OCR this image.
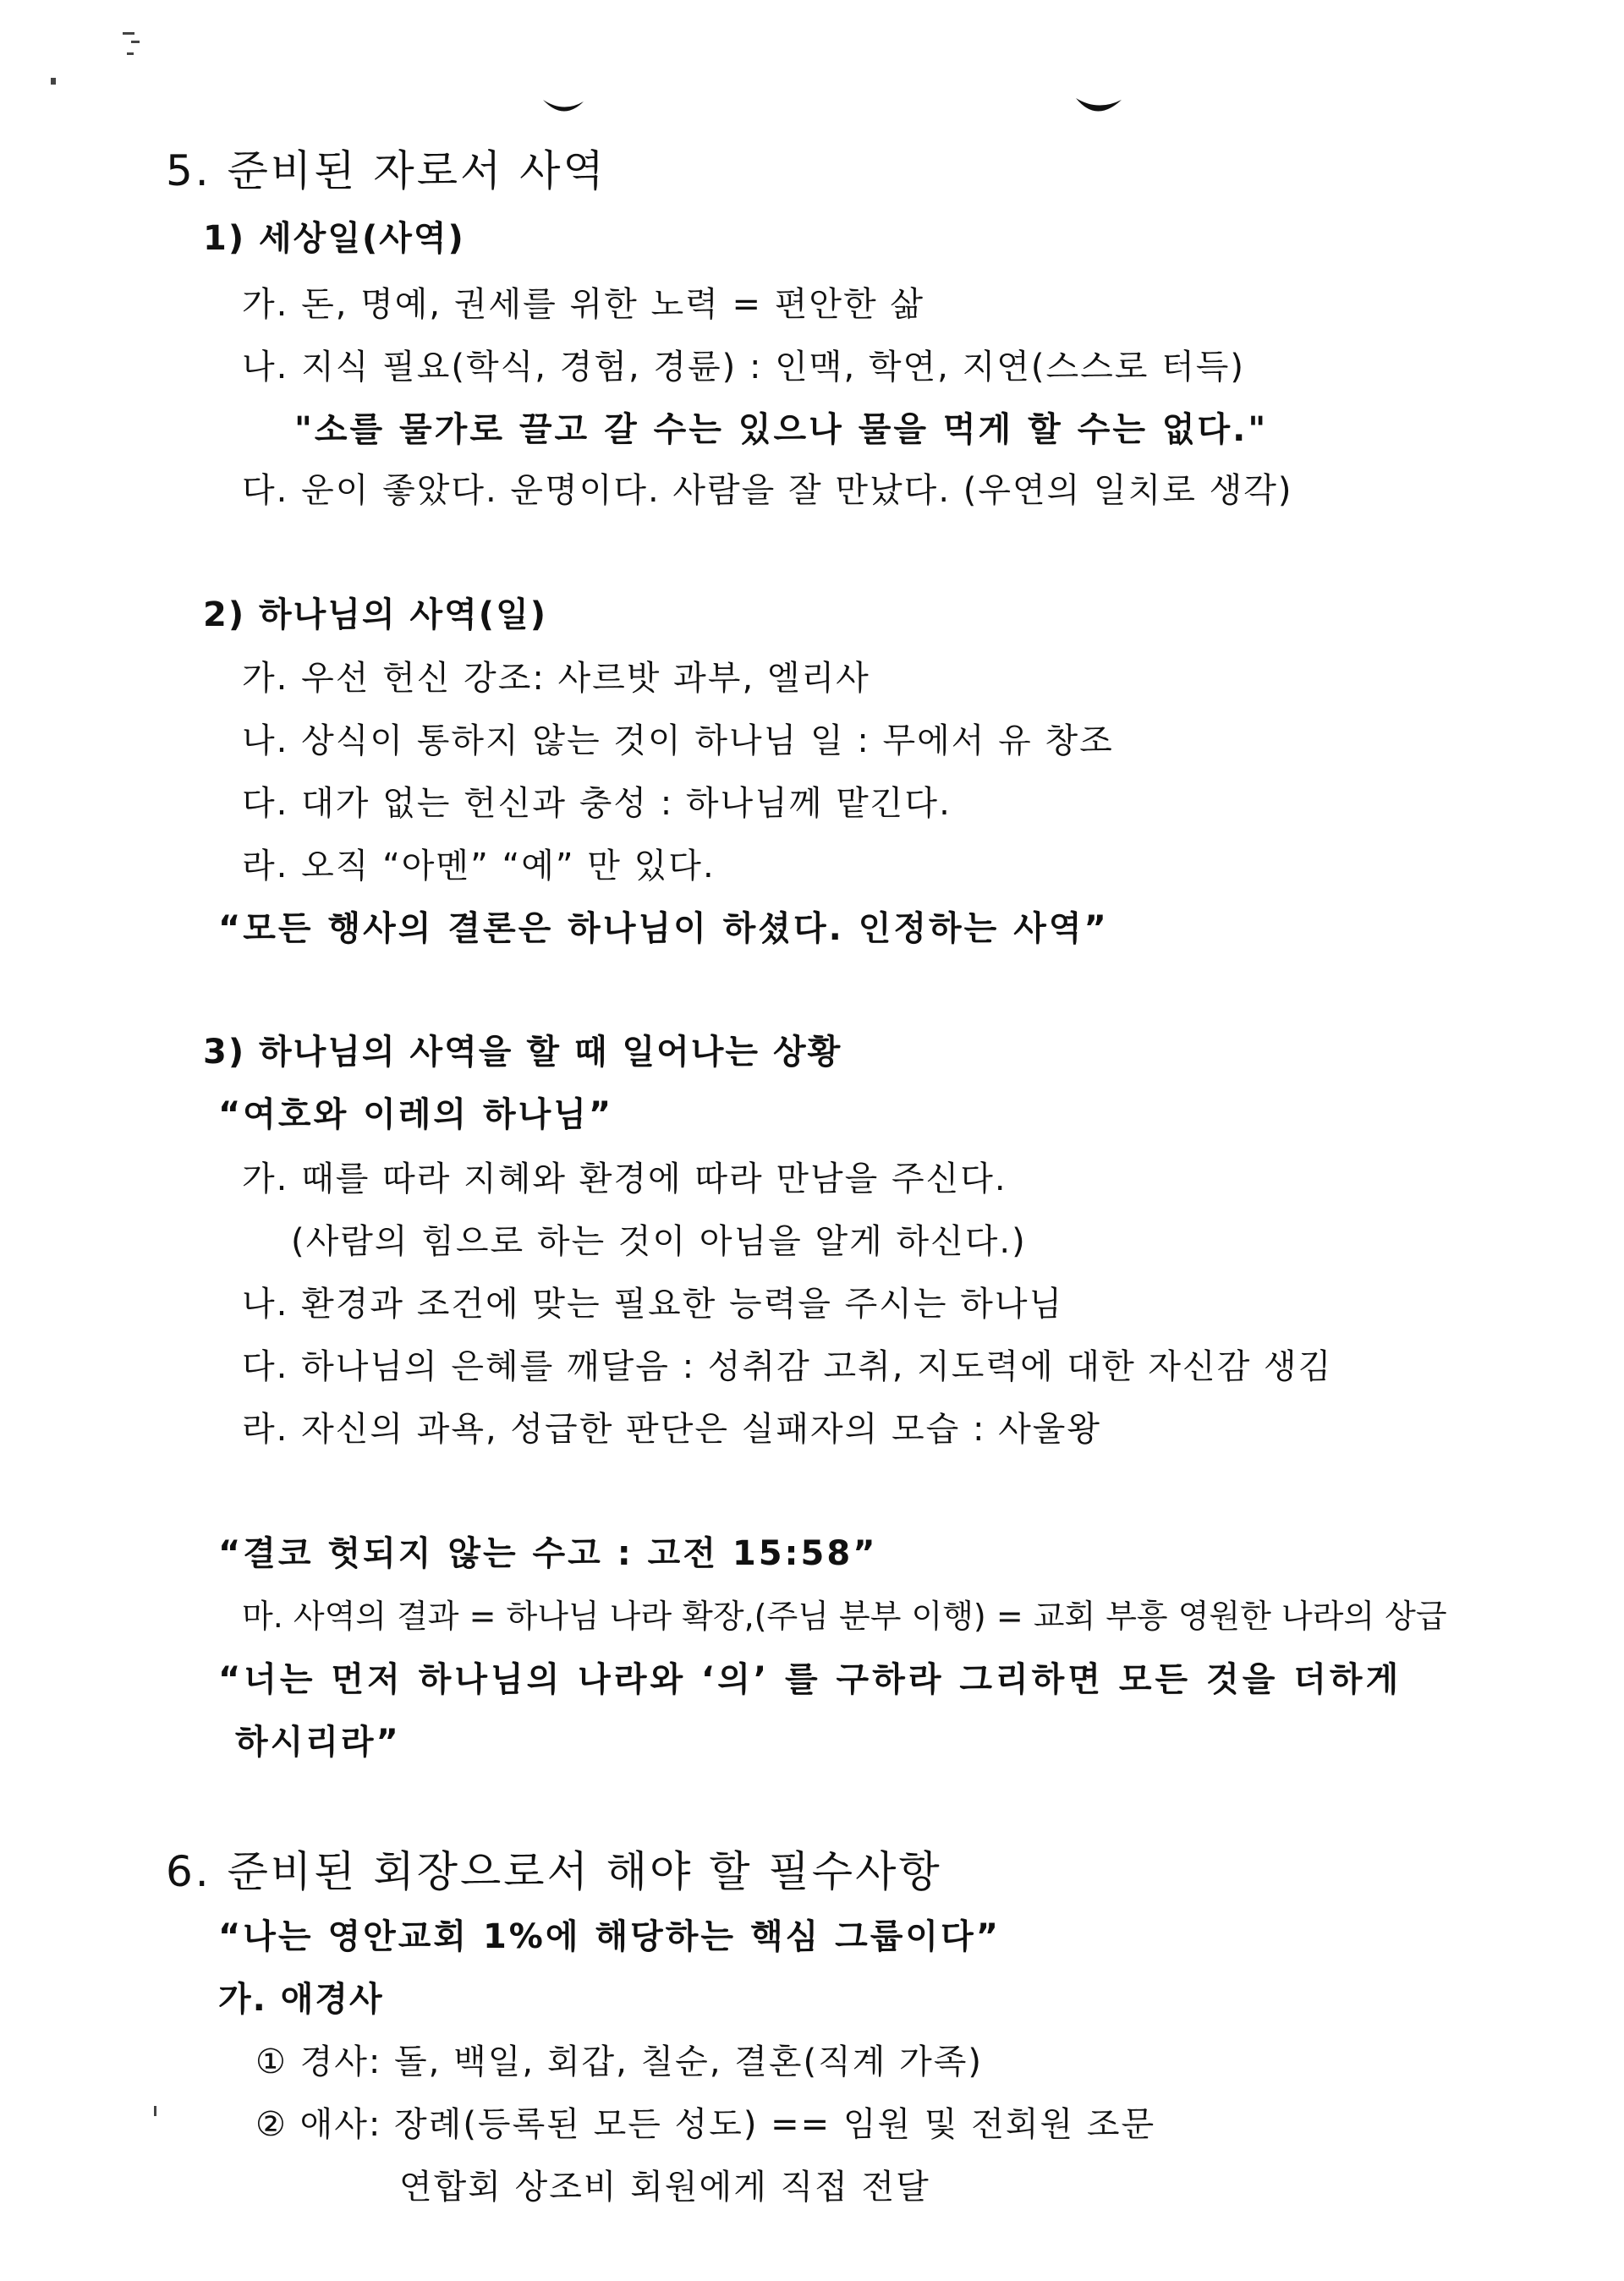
5. 준비된 자로서 사역
1) 세상일(사역)
가. 돈, 명예, 권세를 위한 노력 = 편안한 삶
나. 지식 필요(학식, 경험, 경륜) : 인맥, 학연, 지연(스스로 터득)
"소를 물가로 끌고 갈 수는 있으나 물을 먹게 할 수는 없다."
다. 운이 좋았다. 운명이다. 사람을 잘 만났다. (우연의 일치로 생각)
2) 하나님의 사역(일)
가. 우선 헌신 강조: 사르밧 과부, 엘리사
나. 상식이 통하지 않는 것이 하나님 일 : 무에서 유 창조
다. 대가 없는 헌신과 충성 : 하나님께 맡긴다.
라. 오직 “아멘” “예” 만 있다.
“모든 행사의 결론은 하나님이 하셨다. 인정하는 사역”
3) 하나님의 사역을 할 때 일어나는 상황
“여호와 이레의 하나님”
가. 때를 따라 지혜와 환경에 따라 만남을 주신다.
(사람의 힘으로 하는 것이 아님을 알게 하신다.)
나. 환경과 조건에 맞는 필요한 능력을 주시는 하나님
다. 하나님의 은혜를 깨달음 : 성취감 고취, 지도력에 대한 자신감 생김
라. 자신의 과욕, 성급한 판단은 실패자의 모습 : 사울왕
“결코 헛되지 않는 수고 : 고전 15:58”
마. 사역의 결과 = 하나님 나라 확장,(주님 분부 이행) = 교회 부흥 영원한 나라의 상급
“너는 먼저 하나님의 나라와 ‘의’ 를 구하라 그리하면 모든 것을 더하게
하시리라”
6. 준비된 회장으로서 해야 할 필수사항
“나는 영안교회 1%에 해당하는 핵심 그룹이다”
가. 애경사
① 경사: 돌, 백일, 회갑, 칠순, 결혼(직계 가족)
② 애사: 장례(등록된 모든 성도) == 임원 및 전회원 조문
연합회 상조비 회원에게 직접 전달
